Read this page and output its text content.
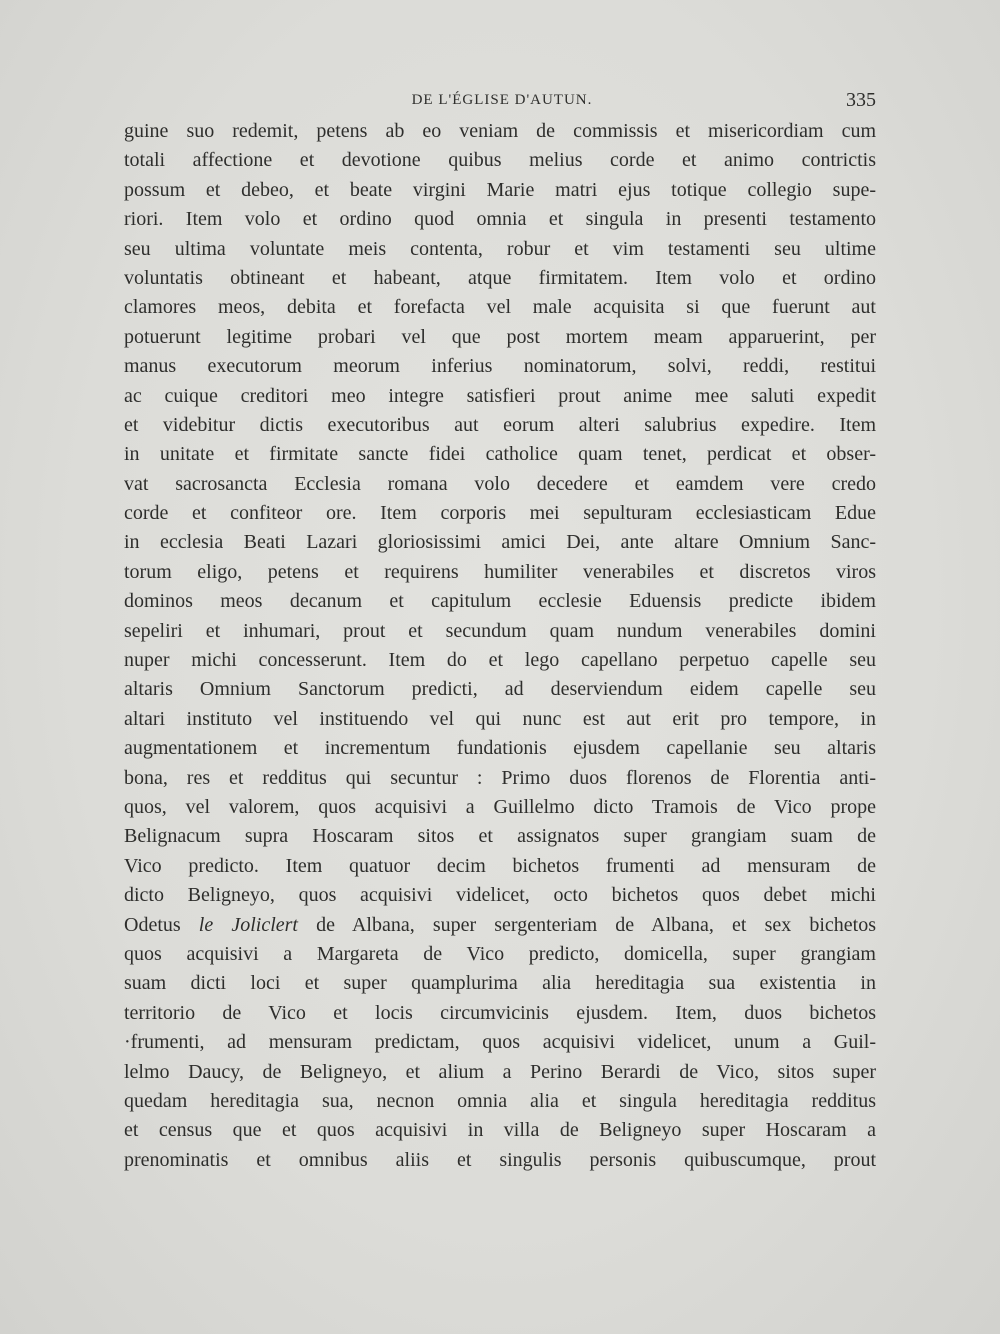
DE L'ÉGLISE D'AUTUN.	335
guine suo redemit, petens ab eo veniam de commissis et misericordiam cum
totali affectione et devotione quibus melius corde et animo contrictis
possum et debeo, et beate virgini Marie matri ejus totique collegio supe-
riori. Item volo et ordino quod omnia et singula in presenti testamento
seu ultima voluntate meis contenta, robur et vim testamenti seu ultime
voluntatis obtineant et habeant, atque firmitatem. Item volo et ordino
clamores meos, debita et forefacta vel male acquisita si que fuerunt aut
potuerunt legitime probari vel que post mortem meam apparuerint, per
manus executorum meorum inferius nominatorum, solvi, reddi, restitui
ac cuique creditori meo integre satisfieri prout anime mee saluti expedit
et videbitur dictis executoribus aut eorum alteri salubrius expedire. Item
in unitate et firmitate sancte fidei catholice quam tenet, perdicat et obser-
vat sacrosancta Ecclesia romana volo decedere et eamdem vere credo
corde et confiteor ore. Item corporis mei sepulturam ecclesiasticam Edue
in ecclesia Beati Lazari gloriosissimi amici Dei, ante altare Omnium Sanc-
torum eligo, petens et requirens humiliter venerabiles et discretos viros
dominos meos decanum et capitulum ecclesie Eduensis predicte ibidem
sepeliri et inhumari, prout et secundum quam nundum venerabiles domini
nuper michi concesserunt. Item do et lego capellano perpetuo capelle seu
altaris Omnium Sanctorum predicti, ad deserviendum eidem capelle seu
altari instituto vel instituendo vel qui nunc est aut erit pro tempore, in
augmentationem et incrementum fundationis ejusdem capellanie seu altaris
bona, res et redditus qui secuntur : Primo duos florenos de Florentia anti-
quos, vel valorem, quos acquisivi a Guillelmo dicto Tramois de Vico prope
Belignacum supra Hoscaram sitos et assignatos super grangiam suam de
Vico predicto. Item quatuor decim bichetos frumenti ad mensuram de
dicto Beligneyo, quos acquisivi videlicet, octo bichetos quos debet michi
Odetus le Joliclert de Albana, super sergenteriam de Albana, et sex bichetos
quos acquisivi a Margareta de Vico predicto, domicella, super grangiam
suam dicti loci et super quamplurima alia hereditagia sua existentia in
territorio de Vico et locis circumvicinis ejusdem. Item, duos bichetos
·frumenti, ad mensuram predictam, quos acquisivi videlicet, unum a Guil-
lelmo Daucy, de Beligneyo, et alium a Perino Berardi de Vico, sitos super
quedam hereditagia sua, necnon omnia alia et singula hereditagia redditus
et census que et quos acquisivi in villa de Beligneyo super Hoscaram a
prenominatis et omnibus aliis et singulis personis quibuscumque, prout
